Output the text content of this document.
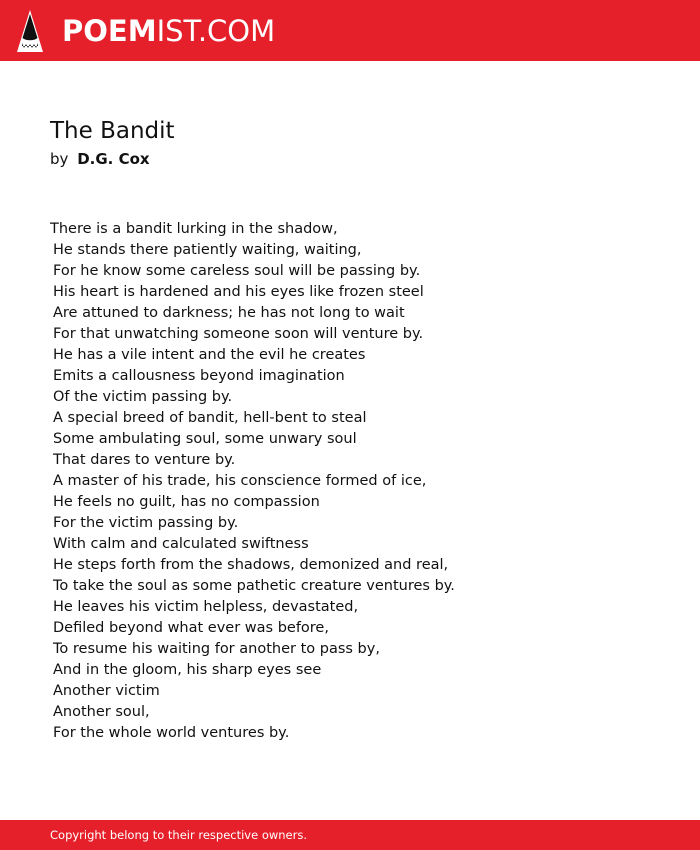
POEMIST.COM
The Bandit
by D.G. Cox
There is a bandit lurking in the shadow,
He stands there patiently waiting, waiting,
For he know some careless soul will be passing by.
His heart is hardened and his eyes like frozen steel
Are attuned to darkness; he has not long to wait
For that unwatching someone soon will venture by.
He has a vile intent and the evil he creates
Emits a callousness beyond imagination
Of the victim passing by.
A special breed of bandit, hell-bent to steal
Some ambulating soul, some unwary soul
That dares to venture by.
A master of his trade, his conscience formed of ice,
He feels no guilt, has no compassion
For the victim passing by.
With calm and calculated swiftness
He steps forth from the shadows, demonized and real,
To take the soul as some pathetic creature ventures by.
He leaves his victim helpless, devastated,
Defiled beyond what ever was before,
To resume his waiting for another to pass by,
And in the gloom, his sharp eyes see
Another victim
Another soul,
For the whole world ventures by.
Copyright belong to their respective owners.
